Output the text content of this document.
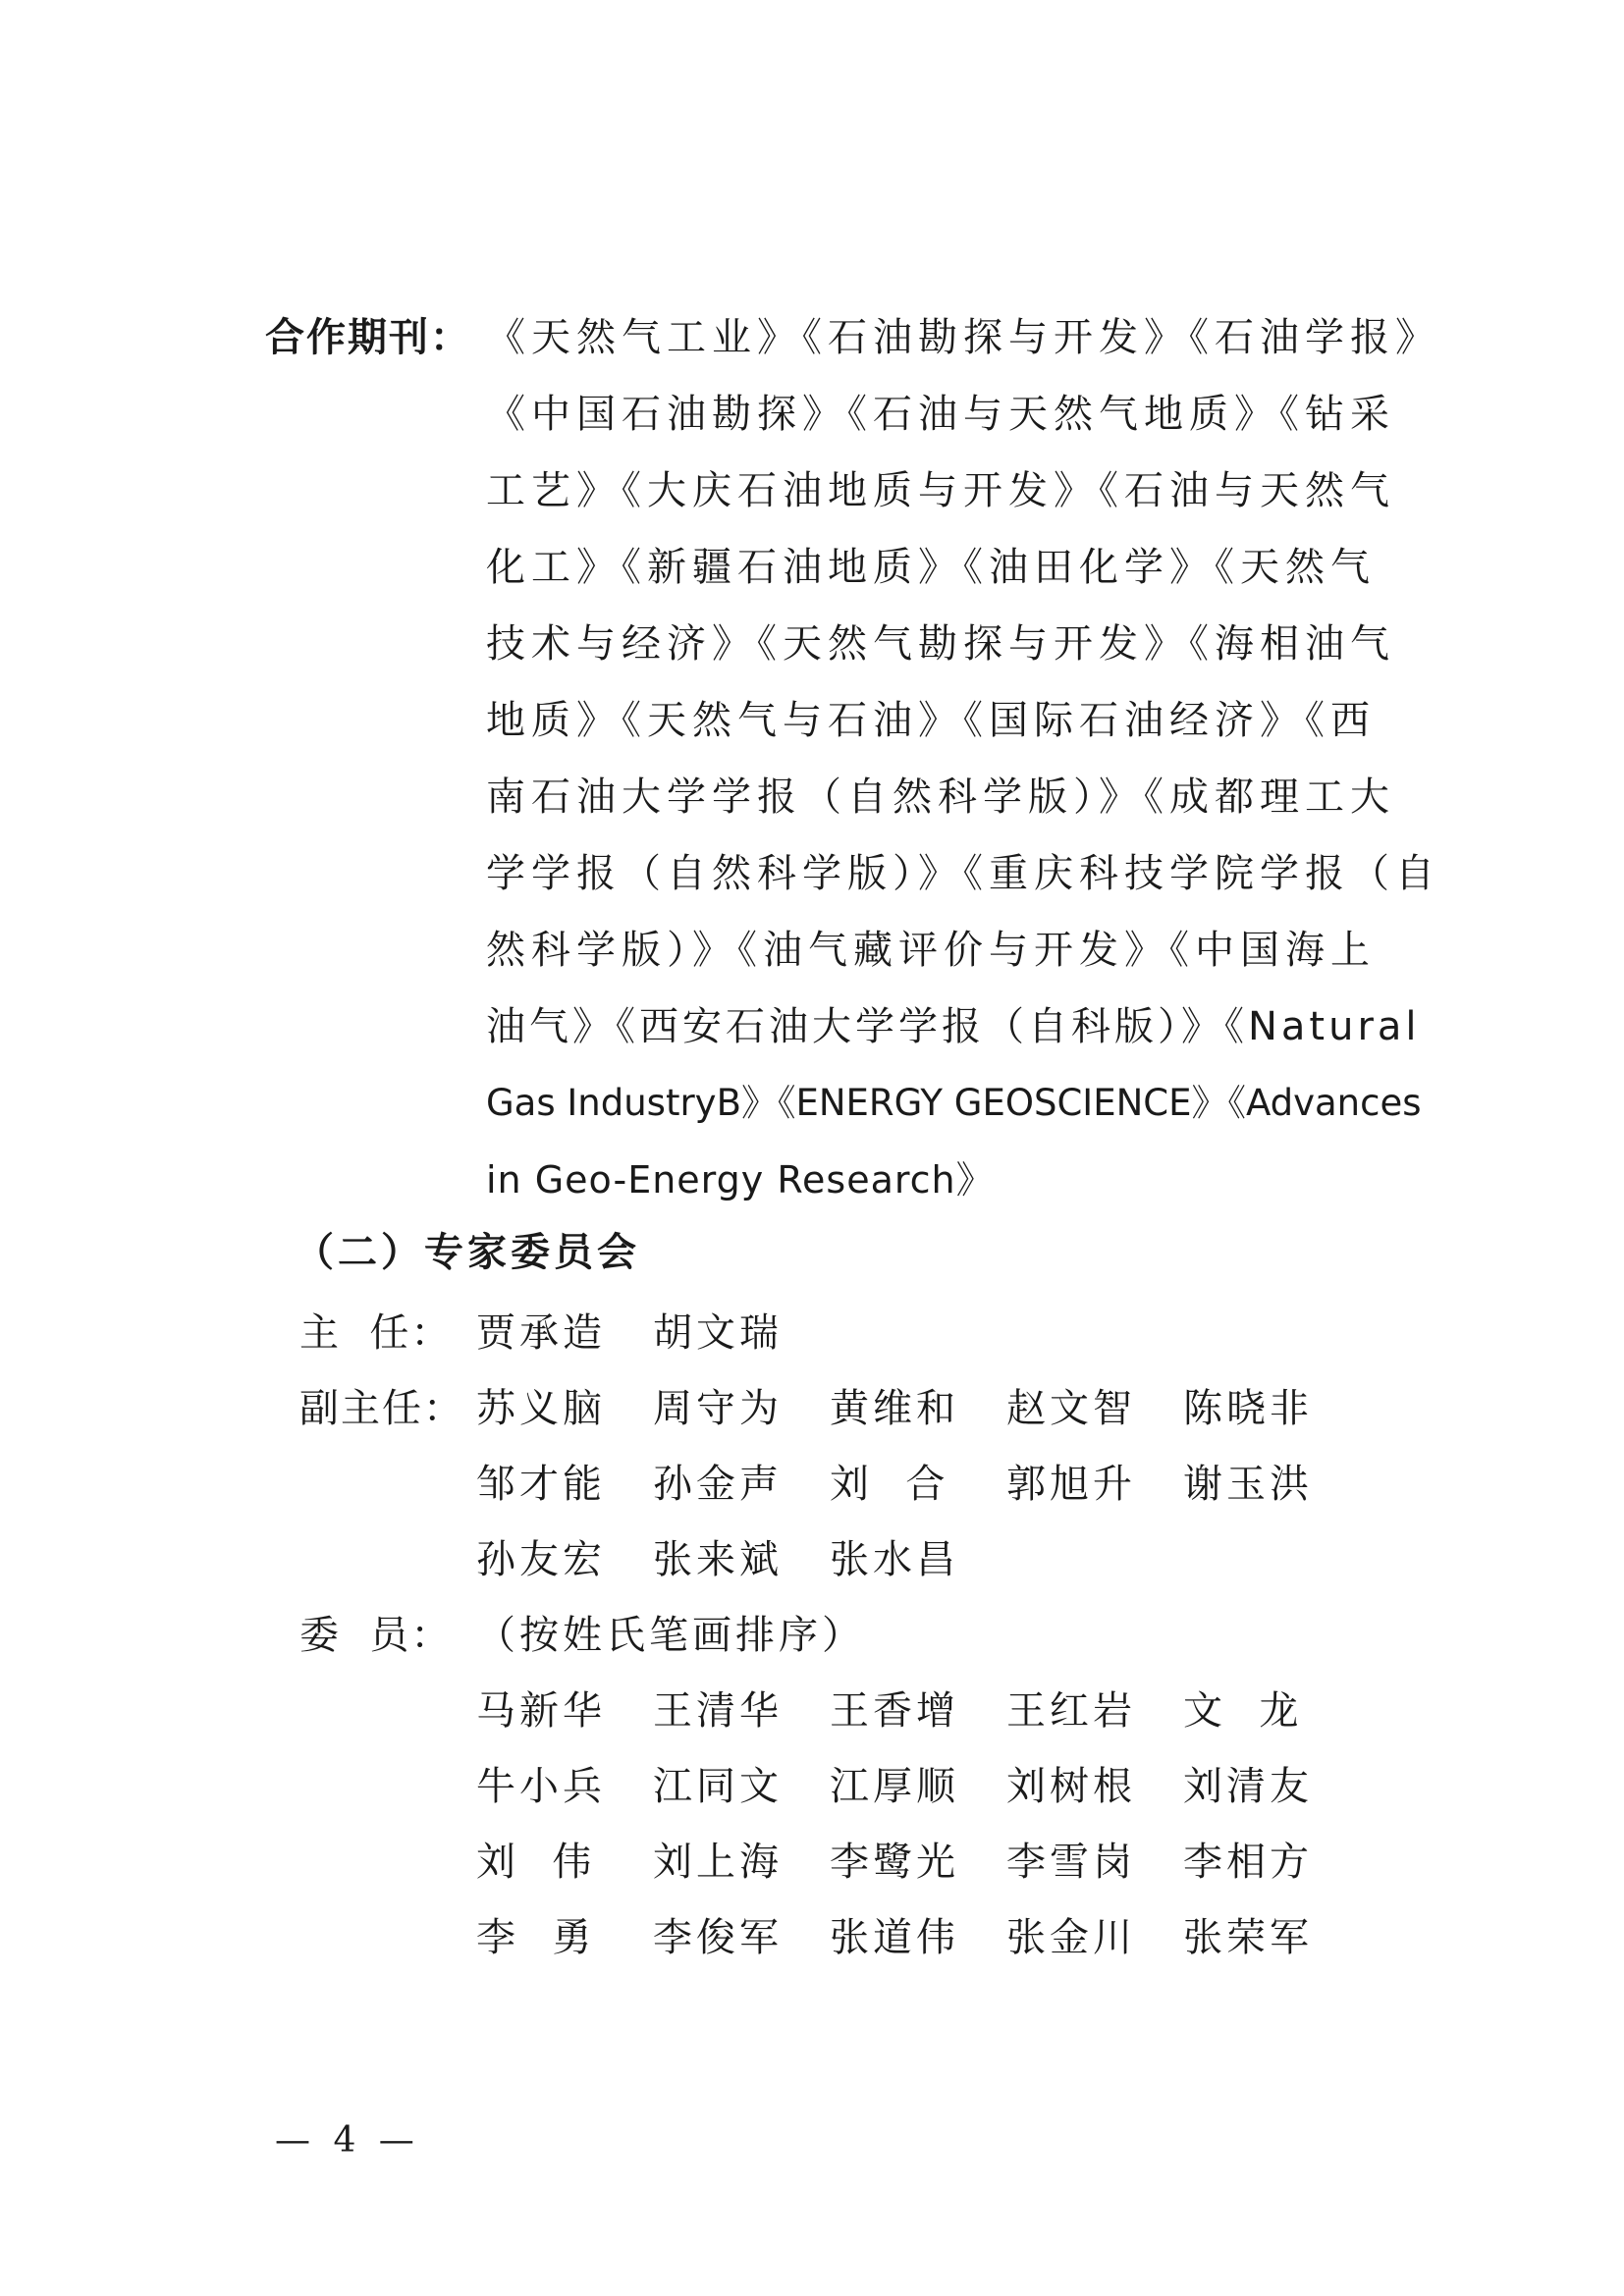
合作期刊： 《天然气工业》《石油勘探与开发》《石油学报》
《中国石油勘探》《石油与天然气地质》《钻采
工艺》《大庆石油地质与开发》《石油与天然气
化工》《新疆石油地质》《油田化学》《天然气
技术与经济》《天然气勘探与开发》《海相油气
地质》《天然气与石油》《国际石油经济》《西
南石油大学学报（自然科学版）》《成都理工大
学学报（自然科学版）》《重庆科技学院学报（自
然科学版）》《油气藏评价与开发》《中国海上
油气》《西安石油大学学报（自科版）》《Natural
Gas IndustryB》《ENERGY GEOSCIENCE》《Advances
in Geo-Energy Research》
（二）专家委员会
主  任： 贾承造	胡文瑞
副主任： 苏义脑	周守为	黄维和	赵文智	陈晓非
邹才能	孙金声	刘  合	郭旭升	谢玉洪
孙友宏	张来斌	张水昌
委  员： （按姓氏笔画排序）
马新华	王清华	王香增	王红岩	文  龙
牛小兵	江同文	江厚顺	刘树根	刘清友
刘  伟	刘上海	李鹭光	李雪岗	李相方
李  勇	李俊军	张道伟	张金川	张荣军
— 4 —
